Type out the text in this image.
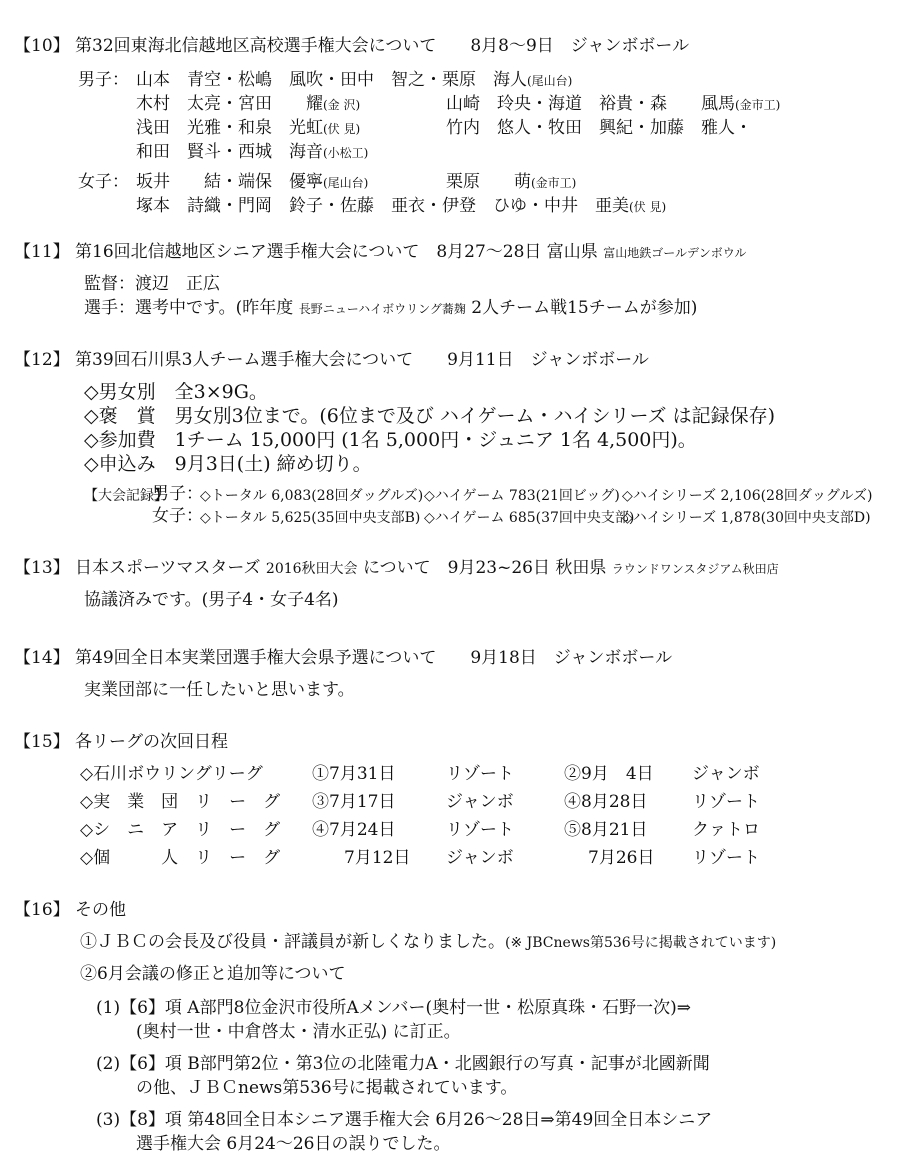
【10】 第32回東海北信越地区高校選手権大会について　　8月8～9日　ジャンボボール
男子： 山本　青空・松嶋　風吹・田中　智之・栗原　海人(尾山台)
木村　太亮・宮田　　耀(金 沢)	山崎　玲央・海道　裕貴・森　　風馬(金市工)
浅田　光雅・和泉　光虹(伏 見)	竹内　悠人・牧田　興紀・加藤　雅人・
和田　賢斗・西城　海音(小松工)
女子： 坂井　　結・端保　優寧(尾山台)	栗原　　萌(金市工)
塚本　詩織・門岡　鈴子・佐藤　亜衣・伊登　ひゆ・中井　亜美(伏 見)
【11】 第16回北信越地区シニア選手権大会について　8月27～28日 富山県 富山地鉄ゴールデンボウル
監督：渡辺　正広
選手：選考中です。(昨年度 長野ニューハイボウリング蕎麹 2人チーム戦15チームが参加)
【12】 第39回石川県3人チーム選手権大会について　　9月11日　ジャンボボール
◇男女別　全3×9G。
◇褒　賞　男女別3位まで。(6位まで及び ハイゲーム・ハイシリーズ は記録保存)
◇参加費　1チーム 15,000円 (1名 5,000円・ジュニア 1名 4,500円)。
◇申込み　9月3日(土) 締め切り。
【大会記録】
男子：
◇トータル 6,083(28回ダッグルズ) ◇ハイゲーム 783(21回ビッグ) ◇ハイシリーズ 2,106(28回ダッグルズ)
女子：
◇トータル 5,625(35回中央支部B) ◇ハイゲーム 685(37回中央支部)
◇ハイシリーズ 1,878(30回中央支部D)
【13】 日本スポーツマスターズ 2016秋田大会 について　9月23~26日 秋田県 ラウンドワンスタジアム秋田店
協議済みです。(男子4・女子4名)
【14】 第49回全日本実業団選手権大会県予選について　　9月18日　ジャンボボール
実業団部に一任したいと思います。
【15】 各リーグの次回日程
◇石川ボウリングリーグ	①7月31日	リゾート	②9月　4日 ジャンボ
◇実　業　団　リ　ー　グ ③7月17日	ジャンボ	④8月28日	リゾート
◇シ　ニ　ア　リ　ー　グ ④7月24日	リゾート	⑤8月21日	クァトロ
◇個　　　人　リ　ー　グ	7月12日 ジャンボ	7月26日 リゾート
【16】 その他
①ＪＢＣの会長及び役員・評議員が新しくなりました。(※ JBCnews第536号に掲載されています)
②6月会議の修正と追加等について
(1)【6】項 A部門8位金沢市役所Aメンバー(奥村一世・松原真珠・石野一次)⇒
(奥村一世・中倉啓太・清水正弘) に訂正。
(2)【6】項 B部門第2位・第3位の北陸電力A・北國銀行の写真・記事が北國新聞
の他、ＪＢＣnews第536号に掲載されています。
(3)【8】項 第48回全日本シニア選手権大会 6月26～28日⇒第49回全日本シニア
選手権大会 6月24～26日の誤りでした。
